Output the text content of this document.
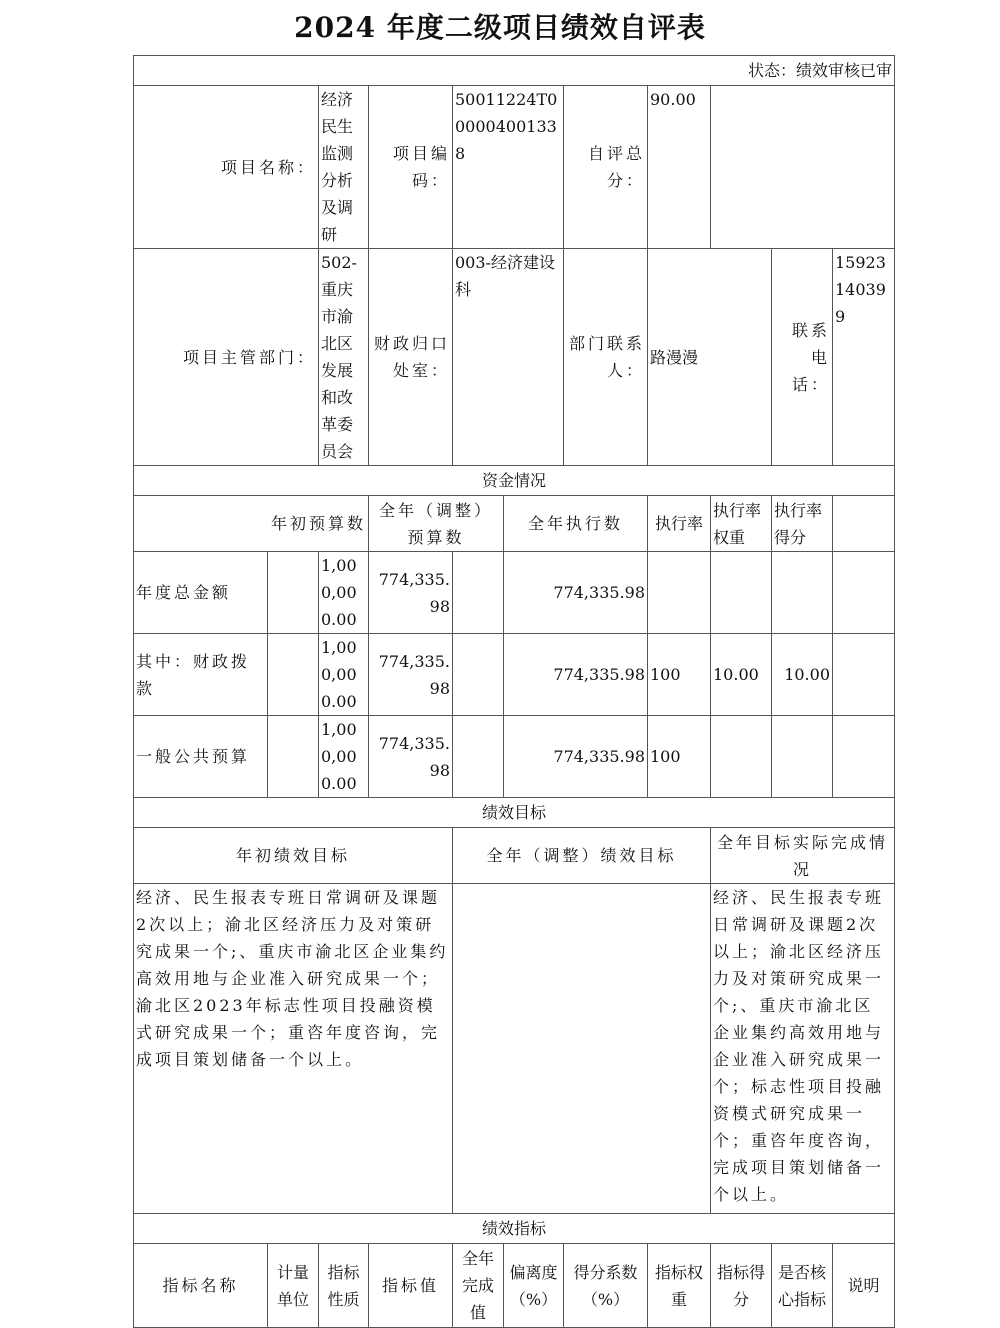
2024 年度二级项目绩效自评表
状态：绩效审核已审										
项目名称：		经济民生监测分析及调研	项目编码：	50011224T000004001338		自评总分：	90.00			
项目主管部门：		502-重庆市渝北区发展和改革委员会	财政归口处室：	003-经济建设科		部门联系人：	路漫漫		联系电话：	15923140399
资金情况										
年初预算数			全年（调整）预算数		全年执行数		执行率	执行率权重	执行率得分	
年度总金额		1,000,000.00	774,335.98		774,335.98					
其中：财政拨款		1,000,000.00	774,335.98		774,335.98		100	10.00	10.00	
一般公共预算		1,000,000.00	774,335.98		774,335.98		100			
绩效目标										
年初绩效目标				全年（调整）绩效目标				全年目标实际完成情况		
经济、民生报表专班日常调研及课题2次以上；渝北区经济压力及对策研究成果一个;、重庆市渝北区企业集约高效用地与企业准入研究成果一个；渝北区2023年标志性项目投融资模式研究成果一个；重咨年度咨询，完成项目策划储备一个以上。								经济、民生报表专班日常调研及课题2次以上；渝北区经济压力及对策研究成果一个;、重庆市渝北区企业集约高效用地与企业准入研究成果一个；标志性项目投融资模式研究成果一个；重咨年度咨询，完成项目策划储备一个以上。		
绩效指标										
指标名称	计量单位	指标性质	指标值	全年完成值	偏离度（%）	得分系数（%）	指标权重	指标得分	是否核心指标	说明
